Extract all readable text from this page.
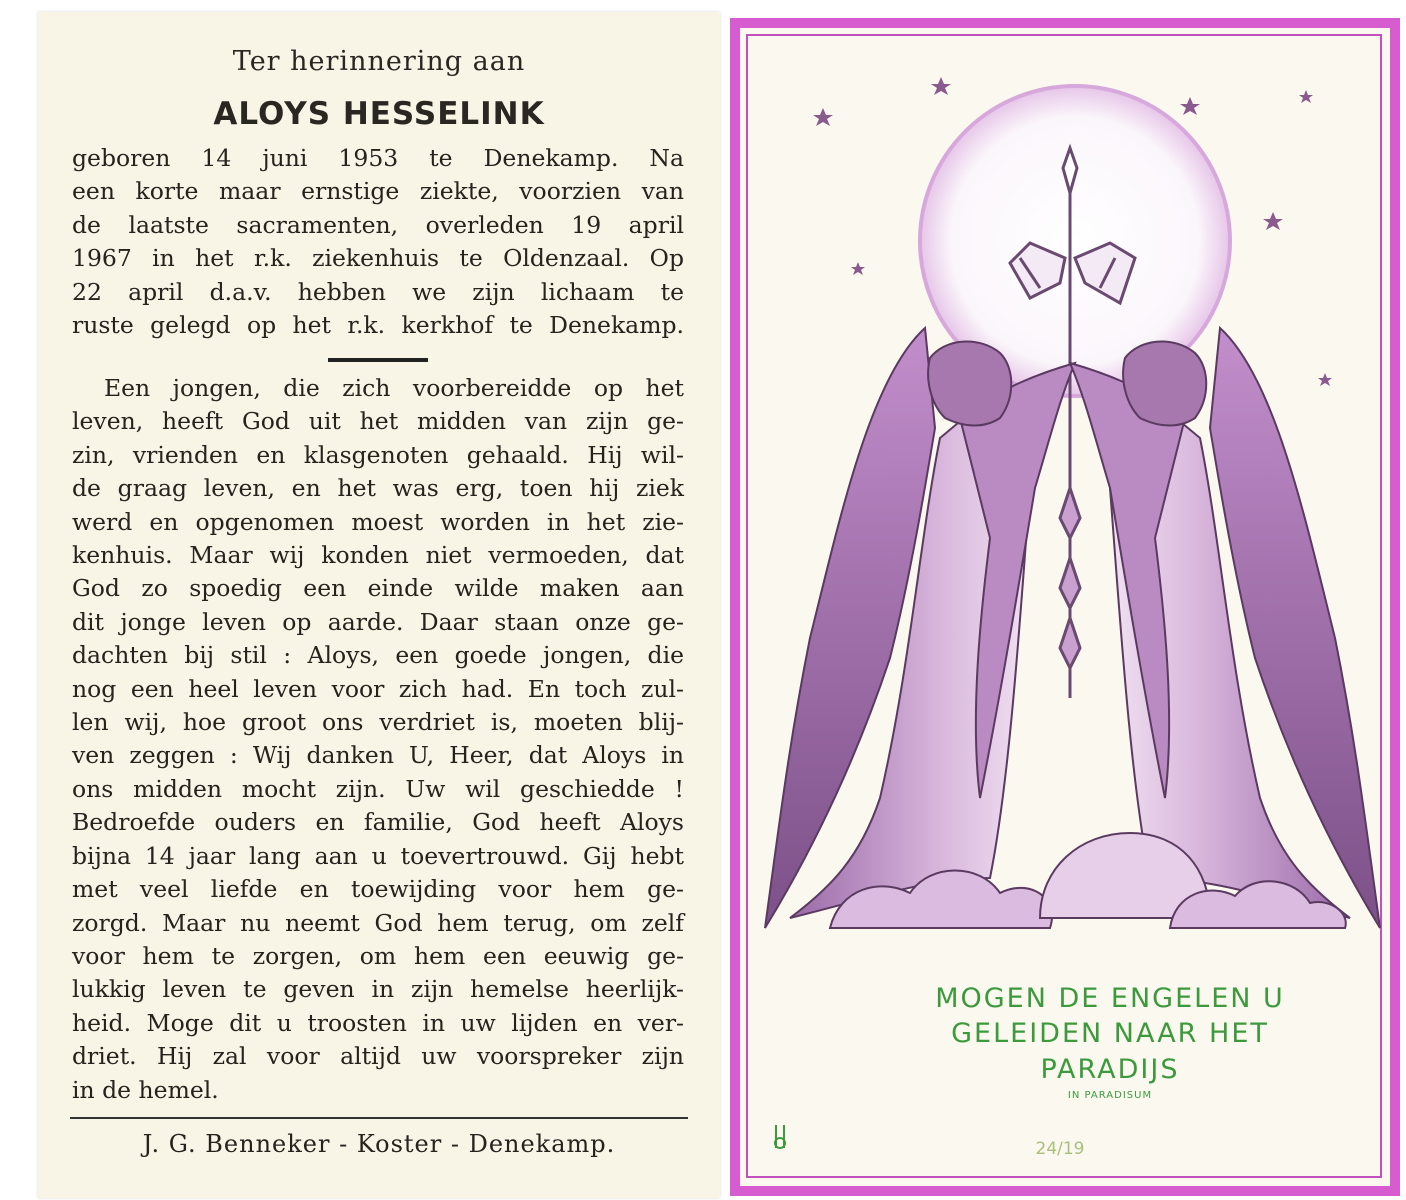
Ter herinnering aan
ALOYS HESSELINK

geboren 14 juni 1953 te Denekamp. Na
een korte maar ernstige ziekte, voorzien van
de laatste sacramenten, overleden 19 april
1967 in het r.k. ziekenhuis te Oldenzaal. Op
22 april d.a.v. hebben we zijn lichaam te
ruste gelegd op het r.k. kerkhof te Denekamp.

Een jongen, die zich voorbereidde op het
leven, heeft God uit het midden van zijn ge-
zin, vrienden en klasgenoten gehaald. Hij wil-
de graag leven, en het was erg, toen hij ziek
werd en opgenomen moest worden in het zie-
kenhuis. Maar wij konden niet vermoeden, dat
God zo spoedig een einde wilde maken aan
dit jonge leven op aarde. Daar staan onze ge-
dachten bij stil : Aloys, een goede jongen, die
nog een heel leven voor zich had. En toch zul-
len wij, hoe groot ons verdriet is, moeten blij-
ven zeggen : Wij danken U, Heer, dat Aloys in
ons midden mocht zijn. Uw wil geschiedde !
Bedroefde ouders en familie, God heeft Aloys
bijna 14 jaar lang aan u toevertrouwd. Gij hebt
met veel liefde en toewijding voor hem ge-
zorgd. Maar nu neemt God hem terug, om zelf
voor hem te zorgen, om hem een eeuwig ge-
lukkig leven te geven in zijn hemelse heerlijk-
heid. Moge dit u troosten in uw lijden en ver-
driet. Hij zal voor altijd uw voorspreker zijn
in de hemel.

J. G. Benneker - Koster - Denekamp.
MOGEN DE ENGELEN U
GELEIDEN NAAR HET
PARADIJS
IN PARADISUM
24/19
